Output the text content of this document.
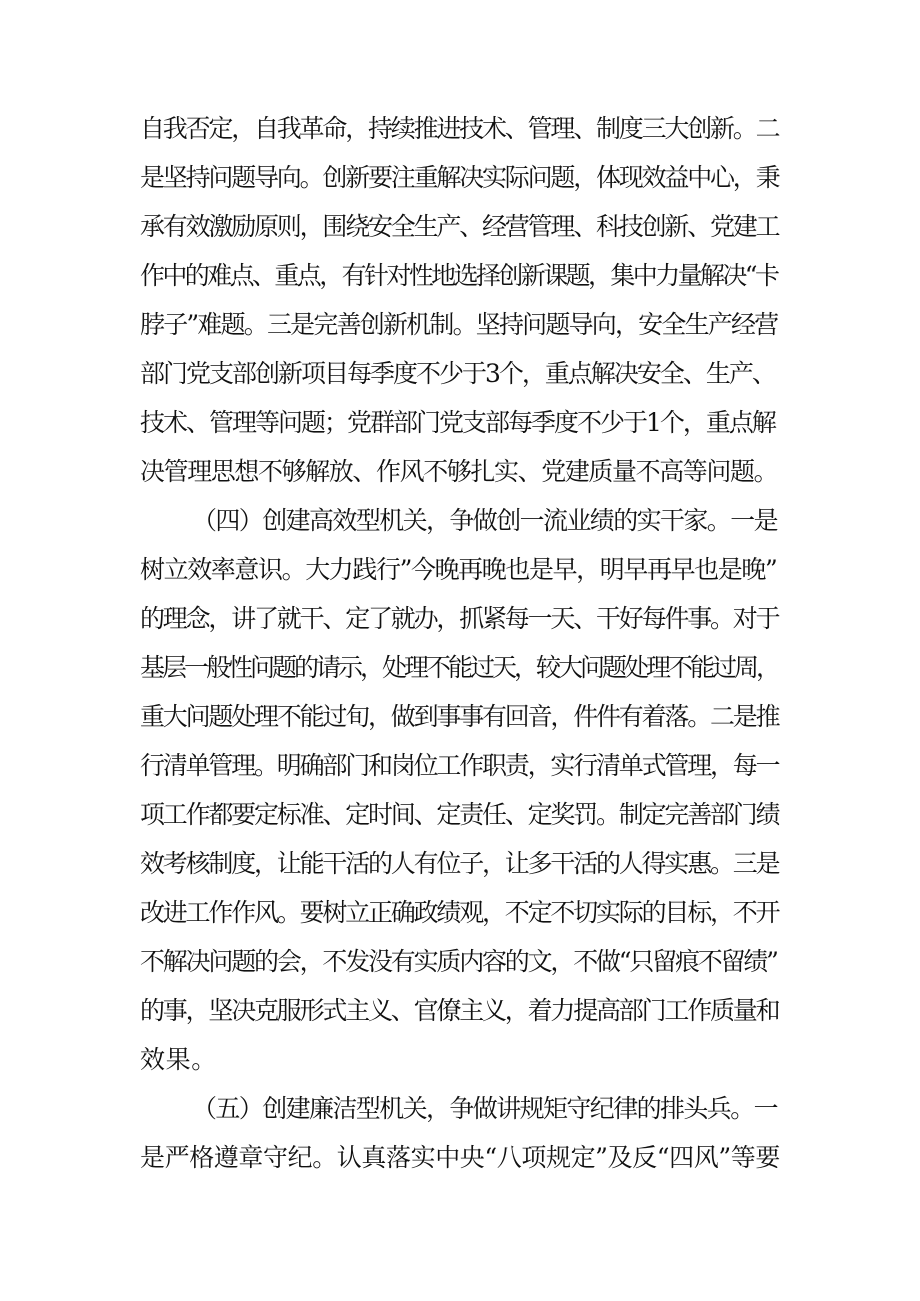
自我否定，自我革命，持续推进技术、管理、制度三大创新。二
是坚持问题导向。创新要注重解决实际问题，体现效益中心，秉
承有效激励原则，围绕安全生产、经营管理、科技创新、党建工
作中的难点、重点，有针对性地选择创新课题，集中力量解决“卡
脖子”难题。三是完善创新机制。坚持问题导向，安全生产经营
部门党支部创新项目每季度不少于3个，重点解决安全、生产、
技术、管理等问题；党群部门党支部每季度不少于1个，重点解
决管理思想不够解放、作风不够扎实、党建质量不高等问题。
（四）创建高效型机关，争做创一流业绩的实干家。一是
树立效率意识。大力践行”今晚再晚也是早，明早再早也是晚”
的理念，讲了就干、定了就办，抓紧每一天、干好每件事。对于
基层一般性问题的请示，处理不能过天，较大问题处理不能过周，
重大问题处理不能过旬，做到事事有回音，件件有着落。二是推
行清单管理。明确部门和岗位工作职责，实行清单式管理，每一
项工作都要定标准、定时间、定责任、定奖罚。制定完善部门绩
效考核制度，让能干活的人有位子，让多干活的人得实惠。三是
改进工作作风。要树立正确政绩观，不定不切实际的目标，不开
不解决问题的会，不发没有实质内容的文，不做“只留痕不留绩”
的事，坚决克服形式主义、官僚主义，着力提高部门工作质量和
效果。
（五）创建廉洁型机关，争做讲规矩守纪律的排头兵。一
是严格遵章守纪。认真落实中央“八项规定”及反“四风”等要
